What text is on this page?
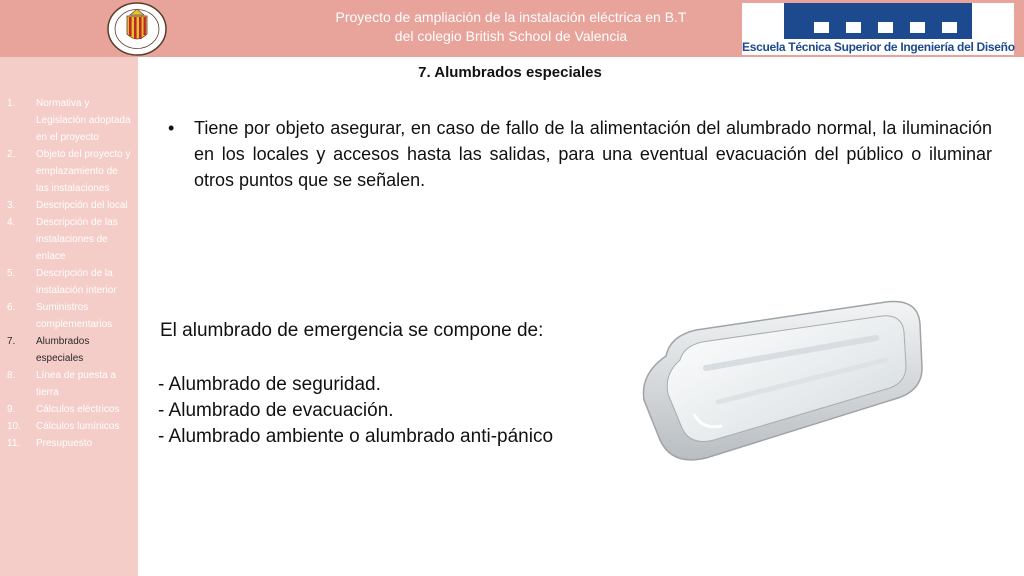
Proyecto de ampliación de la instalación eléctrica en B.T
del colegio British School de Valencia
Escuela Técnica Superior de Ingeniería del Diseño
1.	Normativa y Legislación adoptada en el proyecto
2.	Objeto del proyecto y emplazamiento de las instalaciones
3.	Descripción del local
4.	Descripción de las instalaciones de enlace
5.	Descripción de la instalación interior
6.	Suministros complementarios
7.	Alumbrados especiales
8.	Línea de puesta a tierra
9.	Cálculos eléctricos
10.	Cálculos lumínicos
11.	Presupuesto
7. Alumbrados especiales
• Tiene por objeto asegurar, en caso de fallo de la alimentación del alumbrado normal, la iluminación en los locales y accesos hasta las salidas, para una eventual evacuación del público o iluminar otros puntos que se señalen.
El alumbrado de emergencia se compone de:
- Alumbrado de seguridad.
- Alumbrado de evacuación.
- Alumbrado ambiente o alumbrado anti-pánico
